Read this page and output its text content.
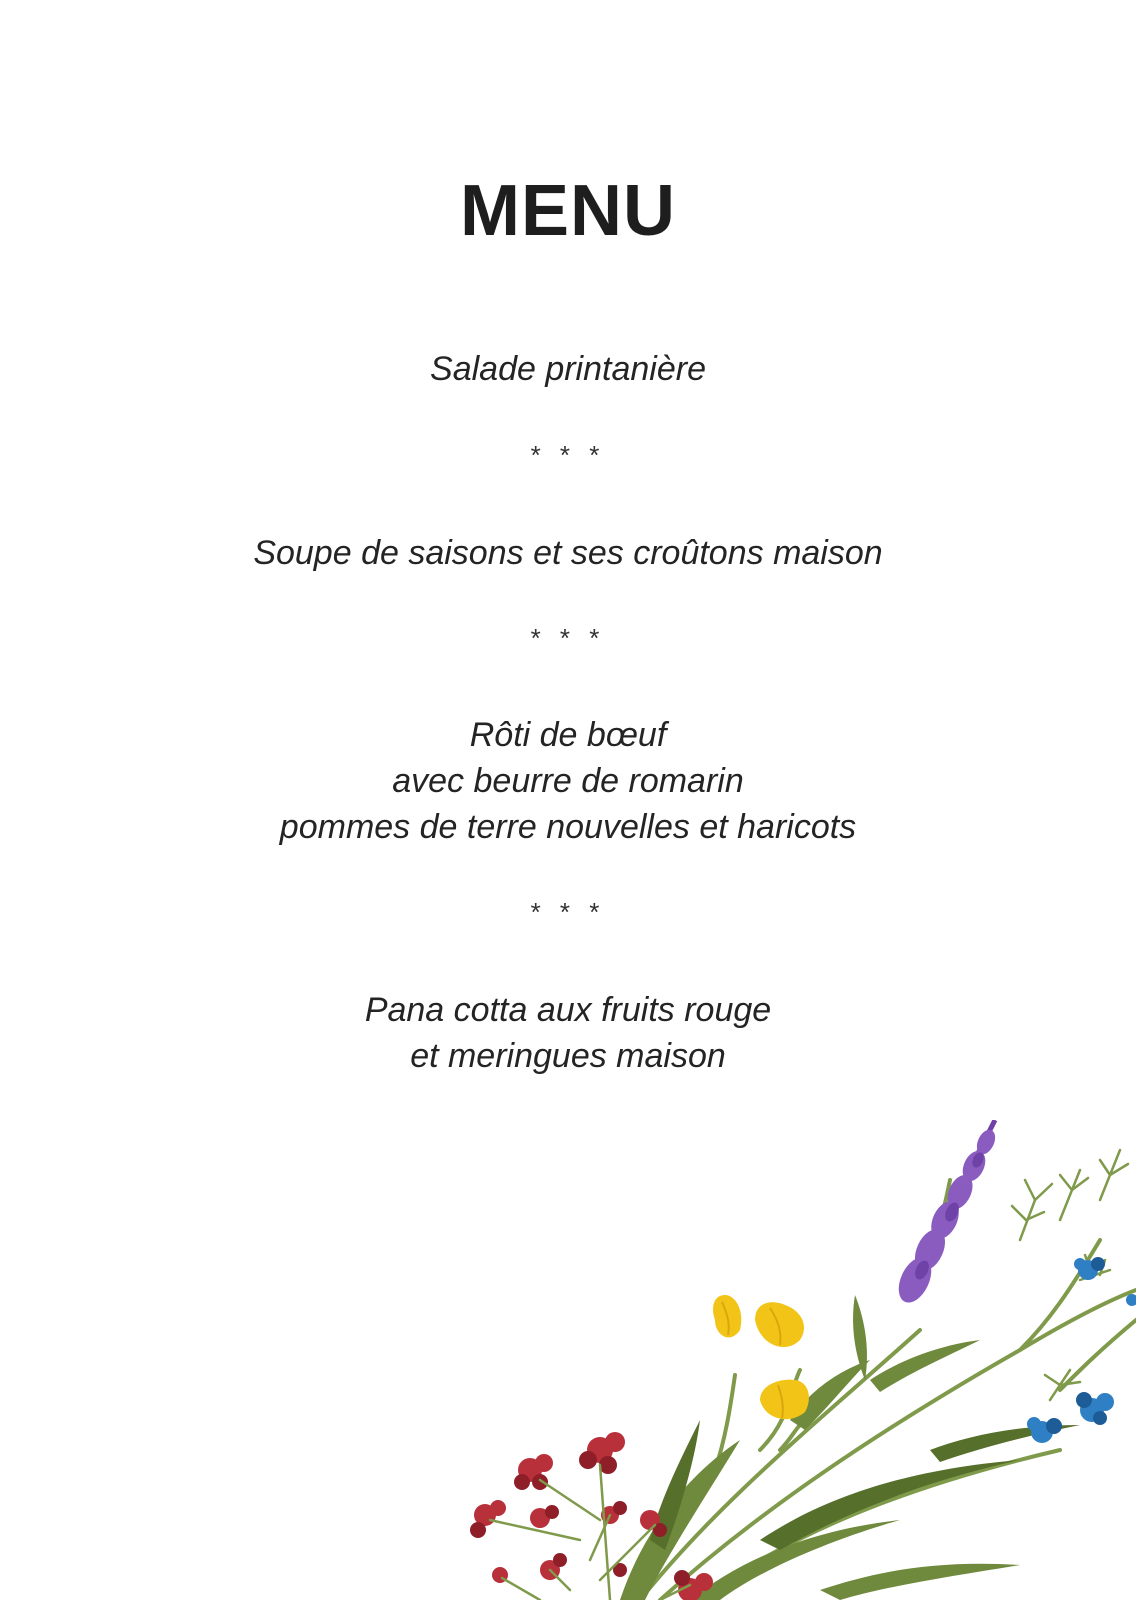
MENU
Salade printanière
* * *
Soupe de saisons et ses croûtons maison
* * *
Rôti de bœuf
avec beurre de romarin
pommes de terre nouvelles et haricots
* * *
Pana cotta aux fruits rouge
et meringues maison
